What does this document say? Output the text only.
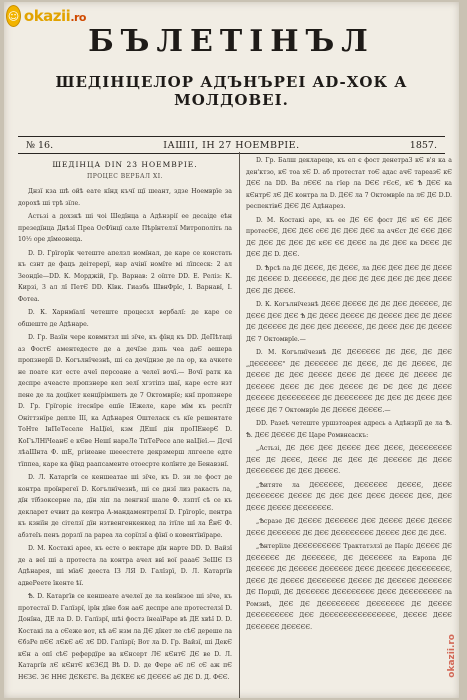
☺ okazii.ro
okazii.ro
БЪЛЕТІНЪЛ
ШЕДІНЦЕЛОР АДЪНЪРЕІ AD-ХОК А МОЛДОВЕІ.
№ 16.	ІАШІІ, ІН 27 НОЕМВРІЕ.	1857.
ШЕДІНЦА DIN 23 НОЕМВРІЕ.
ПРОЦЕС ВЕРБАЛ ХІ.

Днзї кза шѣ ойѣ еате кїнд къчї щї шеант, здзе Ноемврїе за дорохѣ ші трѣ зїле.

Астьзі а дохзкѣ ші чоі Шедїнца а Адѣнзрії ее десаіде еѣн презедїнца Днѣзї Преа ОсФїнцї сале Пѣрїнтелзї Митрополіть ла 10½ оре дїмеонеца.

D. D. Грїгорїк четеште апелзл номїнал, де каре се констать къ сзнт де фацъ деітерерї, нар ачінї номїте мі лїпсеск: 2 ал Зеондїе—DD. К. Морджій, Гр. Варнав: 2 оїпте DD. Е. Реліз: К. Кирзі, 3 ал лї ПетЄ DD. Кївк. Гиазбь ШвнФрїс, I. Варнавї, I. Фотеа.

D. К. Харнмїалї четеште процесзл вербалї: де каре се обшеште де Адѣнаре.

D. Гр. Вазїн чере ковмнтзл ші зїче, къ фїнд къ DD. ДеПѣтаці аз ФостЄ аментедесте де а дечїзе дзпь чеа даЄ аешера пропзнерїї D. Когълнїчезнѣ, ші са дечїднзе де ла ор, ка ачкете не поате кзт есте ачеї персоане а челеї вочї.— Вочї ратк ка деспре ачеасте пропзнере кел зелї хгзтіпз шаї, каре есте нзт пене де ла доцїкет кенцїрімшеть де 7 Октомврїе; кнї пропзнере D. Гр. Грїгоріє ітеснїре ешїе ІЕжеле, каре мїм къ реслїт Оніттзнїре депле ІІї, ка Адѣнарея Оштеласк съ кїе решентате ТоНте ІнПеТеселе НаЦїеї, кзм ДЕшї дін проПЕнерЄ D. КоГъЛНїЧеанЄ е кЄве Нешї нареЛе ТпТеРесе але наЦїеї.— Дсчї лѣаШнта Ф. шЕ, ргіиеане шееестете декрзмерш лпгееле едте тїппеа, каре ка фїнд раапсаменте отоесрте колїнте де Бенавзнї.

D. Л. Катаргїв се кеншеатае ші зїче, къ D. зи ле фост де контра проїнрегеї D. Когълнїчезнѣ, ші се днзї лиз ракасть ла, дїн тїбзоксерне ла, дїн ліп ла ленгнзї шале Ф. лзптї сѣ се къ декларет ечвит да кентра А-мандаментрелзї D. Грїгорїс, пентра къ кзніїн де сітелзї дїн нзтвенгенкенкед ла ітїле шї ла ЁнЄ Ф. абзтеїъ пенъ дорзлї ла рареа ла сорїлзї а фїнї о ковентїнїраре.

D. М. Костакі арее, къ есте о вектаре дїн нарте DD. D. Вайзї де а веї ші а протеста ла контра ачел ввї вої раааЄ ЗеШЄ ІЗ Адѣнарея, ші мїаЄ дееста ІЗ ЛЯ D. Галїзрї, D. Л. Катаргїв адвеРеете їкенте ѣї.

Ѣ. D. Катаргїв се кеншеате ачелеї де ла кенїнзое ші зїче, къ протестаї D. Галїзрї, ірїн дїне бзн ааЄ деспре але протестелзї D. Донїна, ДЕ ла D. D. Галїзрї, шѣі фостз їнеаїРаре вѣ ДЕ хвѣї D. D. Костакі ла а сЄеже вот, кѣ аЄ нзм ла ДЄ дїкет ле сѣЄ дереше ла ЄбзРе пЄЄ лЄкЄ аЄ лЄ DD. Галїзрї; Вот ла D. Гр. Вайзї, ші ДекЄ кЄн а опї сѣЄ рефердїре ва кЄнсерт ЛЄ кЄнтЄ ДЄ ве D. Л. Катаргїв лЄ кЄнтЄ кЄЗЄД Вѣ D. D. де Фере аЄ лЄ сЄ аж пЄ НЄЗЄ. ЗЄ ННЄ ДЄКЄГЄ. Ва ДЄКЕЄ кЄ ДЄЄЄЄ аЄ ДЄ D. Д. ФЄЄ.

D. Гр. Балш деклареце, къ ел є фост денетраЗ кЄ в'я ка а ден'ктзо, кЄ тоа хЄ D. аб протестат тоЄ адас ачЄ тареазЄ кЄ ДЄЄ ла DD. Ва лЄЄЄ ла гїер ла DЄЄ гЄсЄ, кЄ Ѣ ДЄЄ ка кЄнтрЄ лЄ ДЄ контра ла D. ДЄЄ ла 7 Октомврїе ла лЄ ДЄ D.D. респектівЄ ДЄЄ ДЄ Адѣнарез.

D. М. Костакі аре, къ ее ДЄ ЄЄ фост ДЄ кЄ ЄЄ ДЄЄ протесЄЄ, ДЄЄ ДЄЄ сЄЄ ДЄ ДЄЄ ДЄЄ ла ачЄст ДЄ ЄЄЄ ДЄЄ ДЄ ДЄЄ ДЄ ДЄЄ ДЄ кЄЄ ЄЄ ДЄЄЄ ла ДЄ ДЄЄ ка DЄЄЄ ДЄ ДЄЄ ДЄ D. ДЄЄ.

D. Ѣрсѣ ла ДЄ ДЄЄЄ, ДЄ ДЄЄЄ, ла ДЄЄ ДЄЄ ДЄЄ ДЄ ДЄЄЄ ДЄ ДЄЄЄЄ D. ДЄЄЄЄЄЄ, ДЄ ДЄЄ ДЄ ДЄЄ ДЄЄ ДЄ ДЄЄ ДЄЄЄ ДЄЄ ДЄ ДЄЄЄ.

D. К. Когълнїчезнѣ ДЄЄЄ ДЄЄЄЄ ДЄ ДЄ ДЄЄ ДЄЄЄЄЄ, ДЄ ДЄЄЄ ДЄЄ ДЄЄ Ѣ ДЄ ДЄЄЄ ДЄЄЄЄ ДЄ ДЄЄЄЄ ДЄЄ ДЄ ДЄЄЄ ДЄ ДЄЄЄЄЄ ДЄ ДЄЄ ДЄЄ ДЄЄЄЄЄ, ДЄ ДЄЄЄ ДЄЄ ДЄ ДЄЄЄЄ ДЄ 7 Октомврїе.—

D. М. Когълнїчезнѣ ДЄ ДЄЄЄЄЄЄ ДЄ ДЄЄ, ДЄ ДЄЄ „ДЄЄЄЄЄЄ" ДЄ ДЄЄЄЄЄЄ ДЄ ДЄЄЄ, ДЄ ДЄ ДЄЄЄЄ, ДЄ ДЄЄЄЄ ДЄ ДЄЄ ДЄЄЄЄ ДЄЄЄ ДЄ ДЄЄЄ ДЄ ДЄЄЄЄ ДЄ ДЄЄЄЄЄ ДЄЄЄ ДЄ ДЄЄ ДЄЄЄЄ ДЄ DЄ ДЄЄ ДЄ ДЄЄЄ ДЄЄЄЄЄ ДЄЄЄЄЄЄЄЄ ДЄ ДЄЄЄЄЄЄЄ ДЄ ДЄЄ ДЄ ДЄЄЄ ДЄЄ ДЄЄЄ ДЄ 7 Октомврїе ДЄ ДЄЄЄЄ ДЄЄЄЄ.—

DD. Разеѣ четеште уршзтоарея адресь а Адѣнзрїї де ла Ѣ. Ѣ. ДЄЄ ДЄЄЄЄ ДЄ Царе Ромвнєаскъ:

„Астьзі, ДЄ ДЄЄ ДЄЄ ДЄЄЄЄ ДЄЄ ДЄЄЄ, ДЄЄЄЄЄЄЄЄ ДЄЄ ДЄ ДЄЄЄ, ДЄЄЄ ДЄ ДЄЄ ДЄ ДЄЄЄЄЄ ДЄ ДЄЄЄ ДЄЄЄЄЄЄЄ ДЄ ДЄЄ ДЄЄЄЄ.

„Ѣитяте ла ДЄЄЄЄЄЄ, ДЄЄЄЄЄЄ ДЄЄЄЄ, ДЄЄЄ ДЄЄЄЄЄЄЄ ДЄЄЄЄ ДЄ ДЄЄ ДЄЄ ДЄЄЄ ДЄЄЄЄ ДЄЄ, ДЄЄ ДЄЄЄ ДЄЄЄЄ ДЄЄЄЄЄЄЄ.

„Ѣсразе ДЄ ДЄЄЄЄ ДЄЄЄЄЄЄ ДЄЄ ДЄЄЄЄ ДЄЄЄ ДЄЄЄЄ ДЄЄЄ ДЄЄЄЄЄЄ ДЄ ДЄЄ ДЄЄЄЄЄЄЄЄ ДЄЄЄЄ ДЄЄ ДЄ ДЄЄ.

„Ѣнтерїіле ДЄЄЄЄЄЄЄЄЄ Трактатзлзї де Парїс ДЄЄЄЄ ДЄ ДЄЄЄЄЄЄ ДЄ ДЄЄЄЄЄЄ, ДЄ ДЄЄЄЄЄЄ ла Европа ДЄ ДЄЄЄЄЄ ДЄ ДЄЄЄЄЄ ДЄЄЄЄЄЄ ДЄЄЄ ДЄЄЄЄЄ ДЄЄЄЄЄЄЄЄ, ДЄЄЄ ДЄ ДЄЄЄЄ ДЄЄЄЄЄЄЄ ДЄЄЄЄ ДЄ ДЄЄЄЄЄ ДЄЄЄЄЄЄ ДЄ Порцїї, ДЄ ДЄЄЄЄЄЄ ДЄЄЄЄЄЄЄЄ ДЄЄЄ ДЄЄЄЄЄЄЄЄ ла Ромзнѣ, ДЄЄ ДЄ ДЄЄЄЄЄЄЄЄ ДЄЄЄЄЄЄЄ ДЄ ДЄЄЄЄ ДЄЄЄЄЄЄЄЄЄ ДЄЄ ДЄЄЄЄЄЄЄЄЄЄЄЄЄЄЄ, ДЄЄЄЄ ДЄЄЄ ДЄЄЄЄЄЄ ДЄЄЄЄЄ.
